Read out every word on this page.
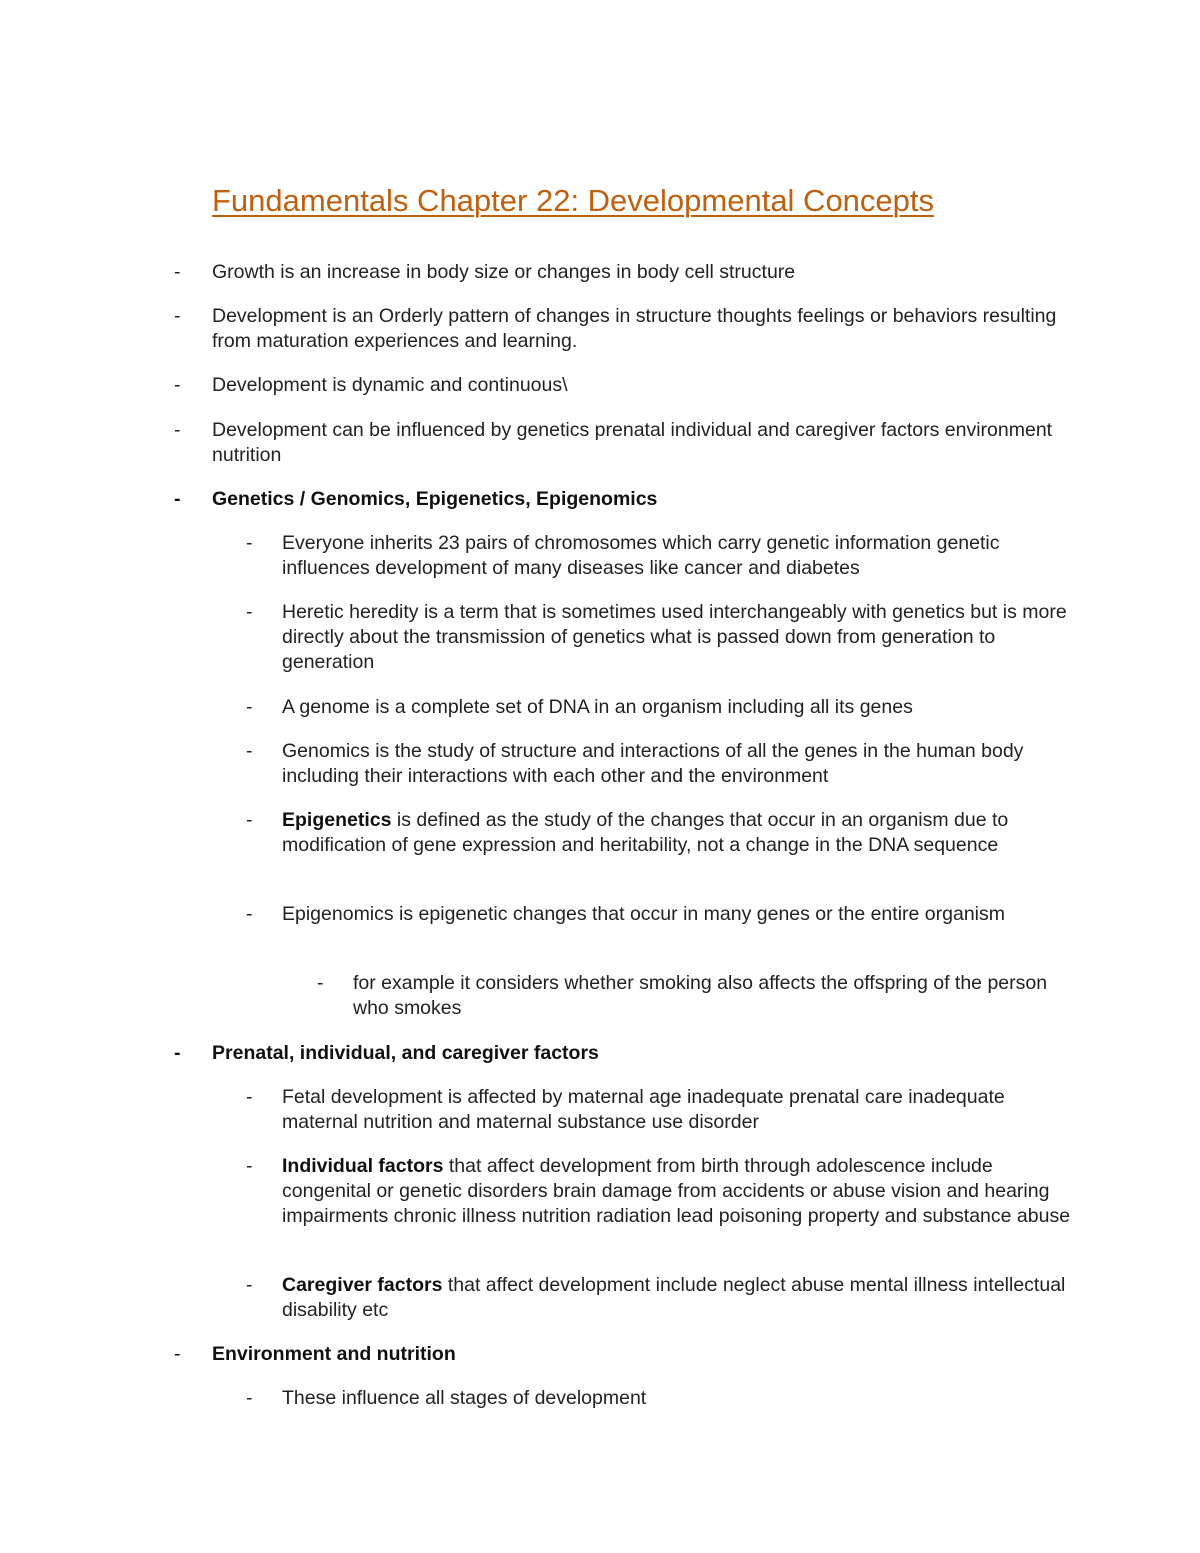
Fundamentals Chapter 22: Developmental Concepts
- Growth is an increase in body size or changes in body cell structure
- Development is an Orderly pattern of changes in structure thoughts feelings or behaviors resulting from maturation experiences and learning.
- Development is dynamic and continuous\
- Development can be influenced by genetics prenatal individual and caregiver factors environment nutrition
- Genetics / Genomics, Epigenetics, Epigenomics
- Everyone inherits 23 pairs of chromosomes which carry genetic information genetic influences development of many diseases like cancer and diabetes
- Heretic heredity is a term that is sometimes used interchangeably with genetics but is more directly about the transmission of genetics what is passed down from generation to generation
- A genome is a complete set of DNA in an organism including all its genes
- Genomics is the study of structure and interactions of all the genes in the human body including their interactions with each other and the environment
- Epigenetics is defined as the study of the changes that occur in an organism due to modification of gene expression and heritability, not a change in the DNA sequence
- Epigenomics is epigenetic changes that occur in many genes or the entire organism
- for example it considers whether smoking also affects the offspring of the person who smokes
- Prenatal, individual, and caregiver factors
- Fetal development is affected by maternal age inadequate prenatal care inadequate maternal nutrition and maternal substance use disorder
- Individual factors that affect development from birth through adolescence include congenital or genetic disorders brain damage from accidents or abuse vision and hearing impairments chronic illness nutrition radiation lead poisoning property and substance abuse
- Caregiver factors that affect development include neglect abuse mental illness intellectual disability etc
- Environment and nutrition
- These influence all stages of development
